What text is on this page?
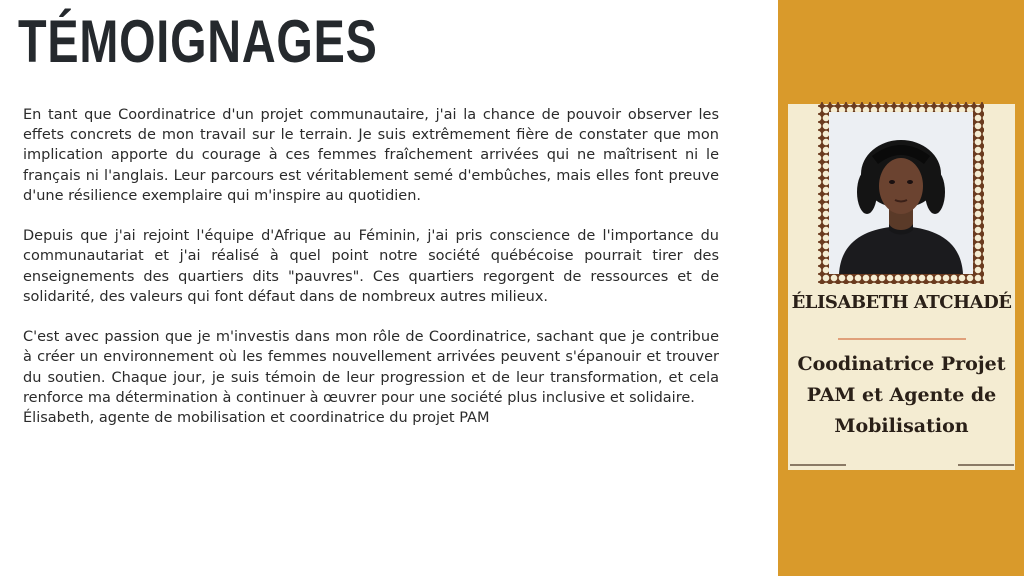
TÉMOIGNAGES

En tant que Coordinatrice d'un projet communautaire, j'ai la chance de pouvoir observer les effets concrets de mon travail sur le terrain. Je suis extrêmement fière de constater que mon implication apporte du courage à ces femmes fraîchement arrivées qui ne maîtrisent ni le français ni l'anglais. Leur parcours est véritablement semé d'embûches, mais elles font preuve d'une résilience exemplaire qui m'inspire au quotidien.

Depuis que j'ai rejoint l'équipe d'Afrique au Féminin, j'ai pris conscience de l'importance du communautariat et j'ai réalisé à quel point notre société québécoise pourrait tirer des enseignements des quartiers dits "pauvres". Ces quartiers regorgent de ressources et de solidarité, des valeurs qui font défaut dans de nombreux autres milieux.

C'est avec passion que je m'investis dans mon rôle de Coordinatrice, sachant que je contribue à créer un environnement où les femmes nouvellement arrivées peuvent s'épanouir et trouver du soutien. Chaque jour, je suis témoin de leur progression et de leur transformation, et cela renforce ma détermination à continuer à œuvrer pour une société plus inclusive et solidaire.

Élisabeth, agente de mobilisation et coordinatrice du projet PAM

ÉLISABETH ATCHADÉ
Coodinatrice Projet
PAM et Agente de
Mobilisation
